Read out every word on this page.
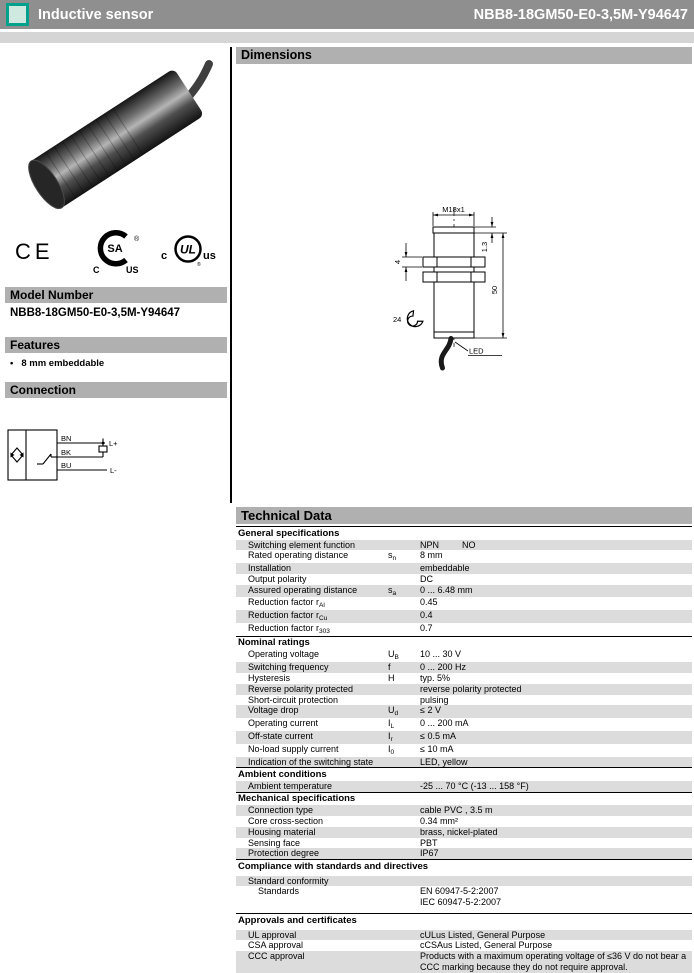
Inductive sensor	NBB8-18GM50-E0-3,5M-Y94647
CE	SA
®
C	US
UL
c	us
®
Model Number
NBB8-18GM50-E0-3,5M-Y94647
Features
• 8 mm embeddable
Connection
BN
BK
BU
L+
L-
Dimensions
M18x1
1.3
50
4
24
LED
Technical Data
General specifications
Switching element function	NPN	NO
Rated operating distance	$s_n$	8 mm
Installation	embeddable
Output polarity	DC
Assured operating distance	$s_a$	0 ... 6.48 mm
Reduction factor $r_{Al}$	0.45
Reduction factor $r_{Cu}$	0.4
Reduction factor $r_{303}$	0.7
Nominal ratings
Operating voltage	$U_B$	10 ... 30 V
Switching frequency	f	0 ... 200 Hz
Hysteresis	H	typ. 5%
Reverse polarity protected	reverse polarity protected
Short-circuit protection	pulsing
Voltage drop	$U_d$	≤ 2 V
Operating current	$I_L$	0 ... 200 mA
Off-state current	$I_r$	≤ 0.5 mA
No-load supply current	$I_0$	≤ 10 mA
Indication of the switching state	LED, yellow
Ambient conditions
Ambient temperature	-25 ... 70 °C (-13 ... 158 °F)
Mechanical specifications
Connection type	cable PVC , 3.5 m
Core cross-section	0.34 mm²
Housing material	brass, nickel-plated
Sensing face	PBT
Protection degree	IP67
Compliance with standards and directives
Standard conformity
Standards	EN 60947-5-2:2007
IEC 60947-5-2:2007
Approvals and certificates
UL approval	cULus Listed, General Purpose
CSA approval	cCSAus Listed, General Purpose
CCC approval	Products with a maximum operating voltage of ≤36 V do not bear a CCC marking because they do not require approval.
